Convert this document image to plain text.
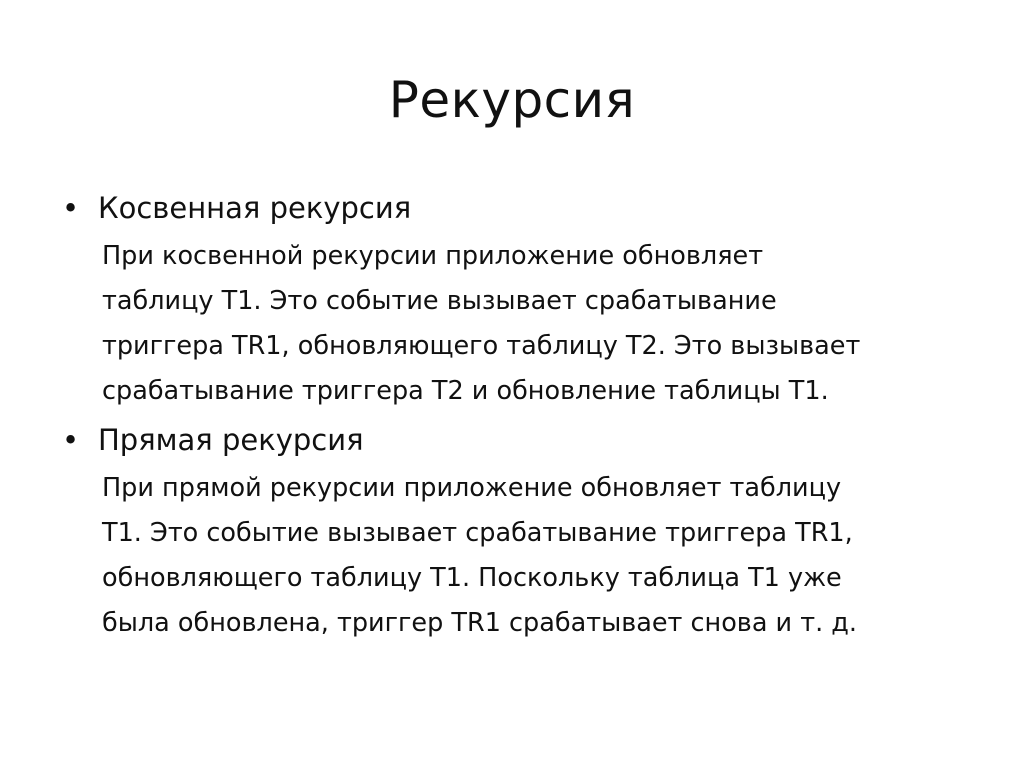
Рекурсия
• Косвенная рекурсия
При косвенной рекурсии приложение обновляет
таблицу T1. Это событие вызывает срабатывание
триггера TR1, обновляющего таблицу T2. Это вызывает
срабатывание триггера T2 и обновление таблицы T1.
• Прямая рекурсия
При прямой рекурсии приложение обновляет таблицу
T1. Это событие вызывает срабатывание триггера TR1,
обновляющего таблицу T1. Поскольку таблица T1 уже
была обновлена, триггер TR1 срабатывает снова и т. д.
